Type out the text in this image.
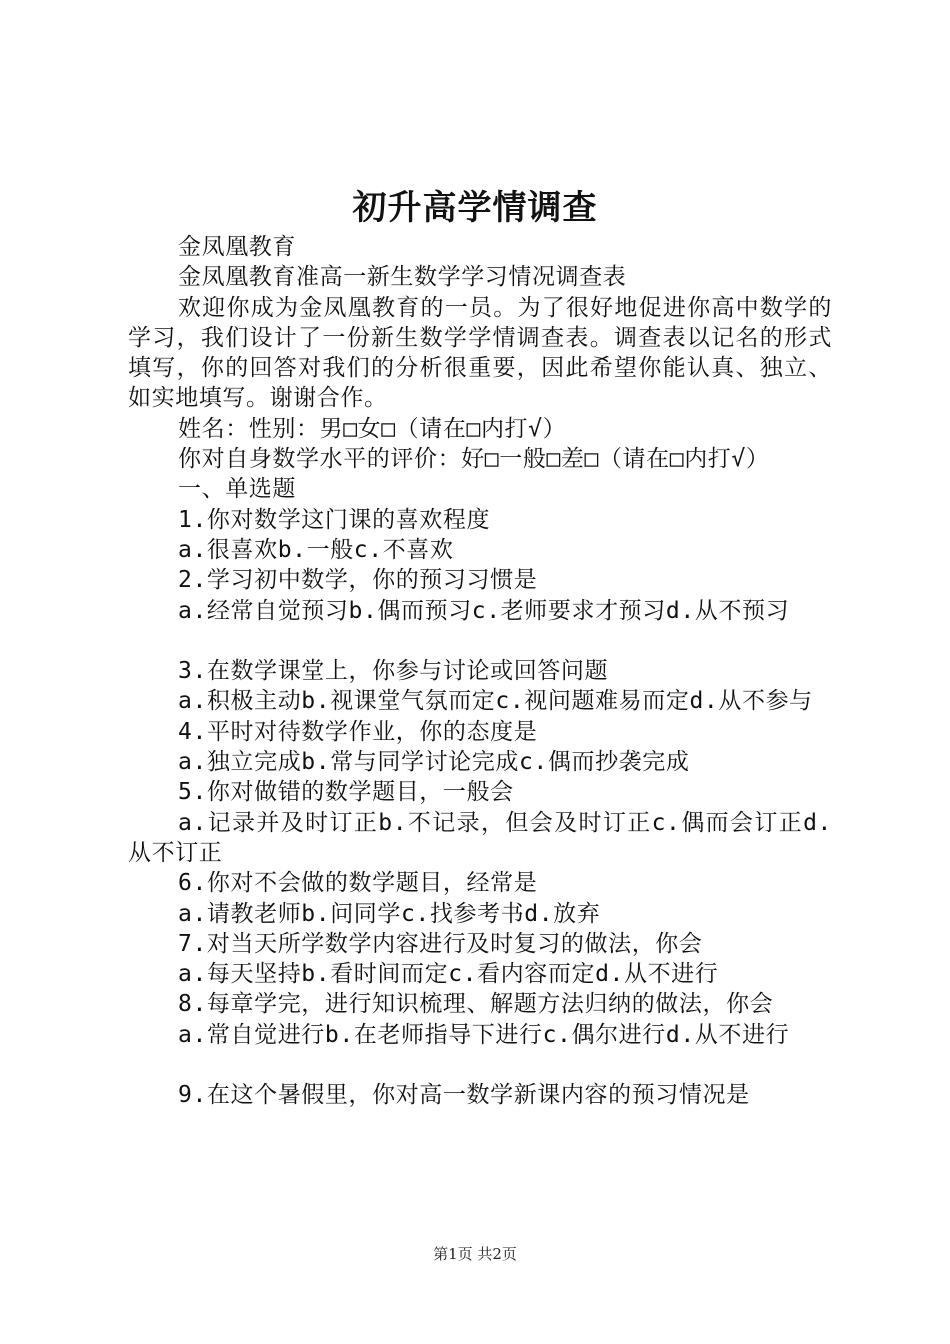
初升高学情调查

金凤凰教育

金凤凰教育准高一新生数学学习情况调查表

欢迎你成为金凤凰教育的一员。为了很好地促进你高中数学的学习，我们设计了一份新生数学学情调查表。调查表以记名的形式填写，你的回答对我们的分析很重要，因此希望你能认真、独立、如实地填写。谢谢合作。

姓名：性别：男□女□（请在□内打√）

你对自身数学水平的评价：好□一般□差□（请在□内打√）

一、单选题

1.你对数学这门课的喜欢程度

a.很喜欢b.一般c.不喜欢

2.学习初中数学，你的预习习惯是

a.经常自觉预习b.偶而预习c.老师要求才预习d.从不预习

3.在数学课堂上，你参与讨论或回答问题

a.积极主动b.视课堂气氛而定c.视问题难易而定d.从不参与

4.平时对待数学作业，你的态度是

a.独立完成b.常与同学讨论完成c.偶而抄袭完成

5.你对做错的数学题目，一般会

a.记录并及时订正b.不记录，但会及时订正c.偶而会订正d.从不订正

6.你对不会做的数学题目，经常是

a.请教老师b.问同学c.找参考书d.放弃

7.对当天所学数学内容进行及时复习的做法，你会

a.每天坚持b.看时间而定c.看内容而定d.从不进行

8.每章学完，进行知识梳理、解题方法归纳的做法，你会

a.常自觉进行b.在老师指导下进行c.偶尔进行d.从不进行

9.在这个暑假里，你对高一数学新课内容的预习情况是

第1页 共2页
